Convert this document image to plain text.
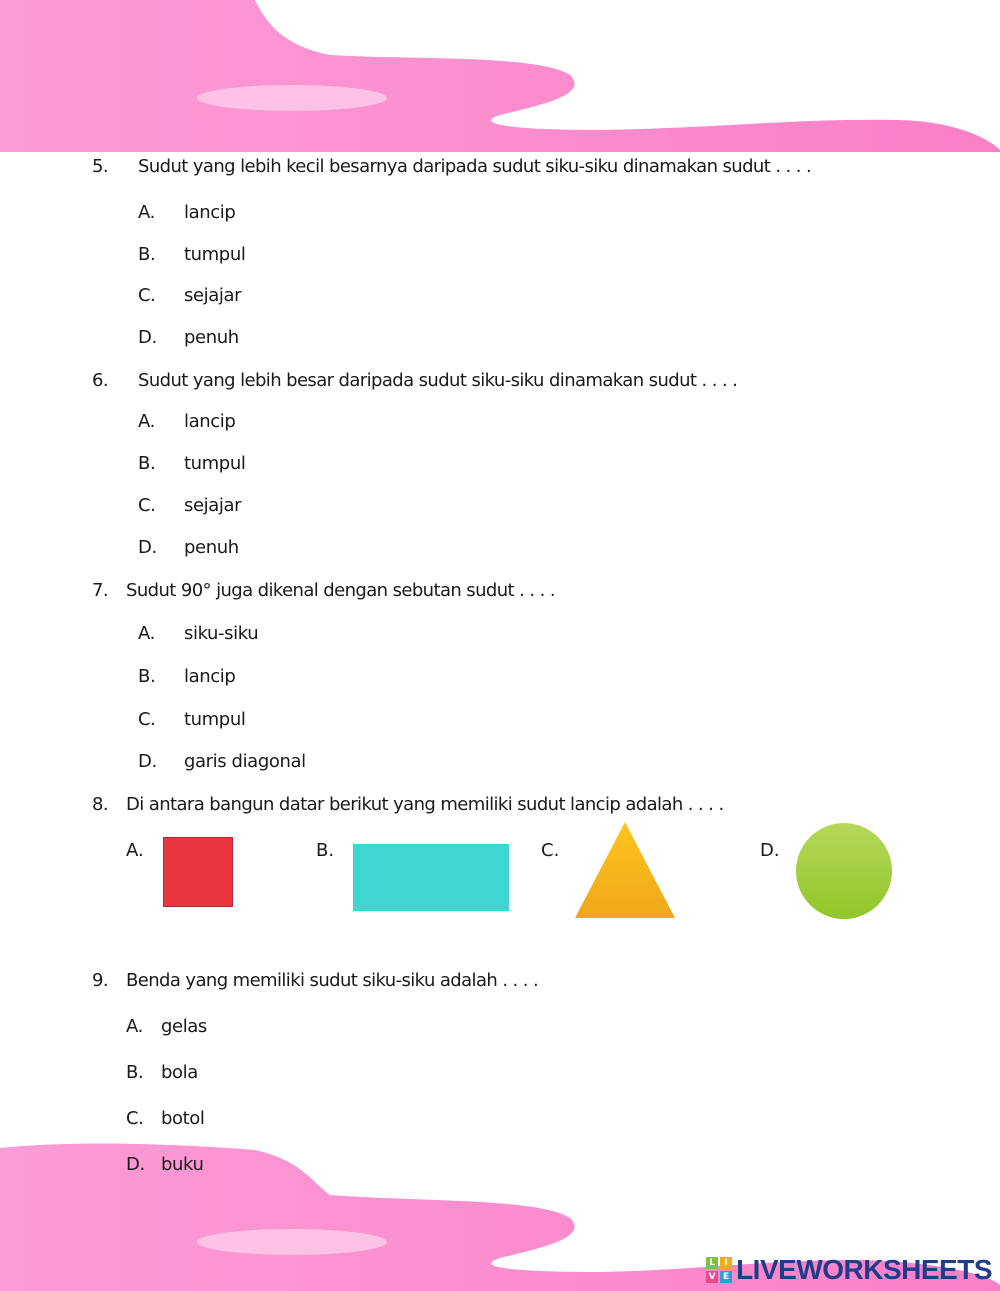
5. Sudut yang lebih kecil besarnya daripada sudut siku-siku dinamakan sudut . . . .
A. lancip
B. tumpul
C. sejajar
D. penuh
6. Sudut yang lebih besar daripada sudut siku-siku dinamakan sudut . . . .
A. lancip
B. tumpul
C. sejajar
D. penuh
7. Sudut 90° juga dikenal dengan sebutan sudut . . . .
A. siku-siku
B. lancip
C. tumpul
D. garis diagonal
8. Di antara bangun datar berikut yang memiliki sudut lancip adalah . . . .
A.	B.	C.	D.
9. Benda yang memiliki sudut siku-siku adalah . . . .
A. gelas
B. bola
C. botol
D. buku
L	I
V E LIVEWORKSHEETS
